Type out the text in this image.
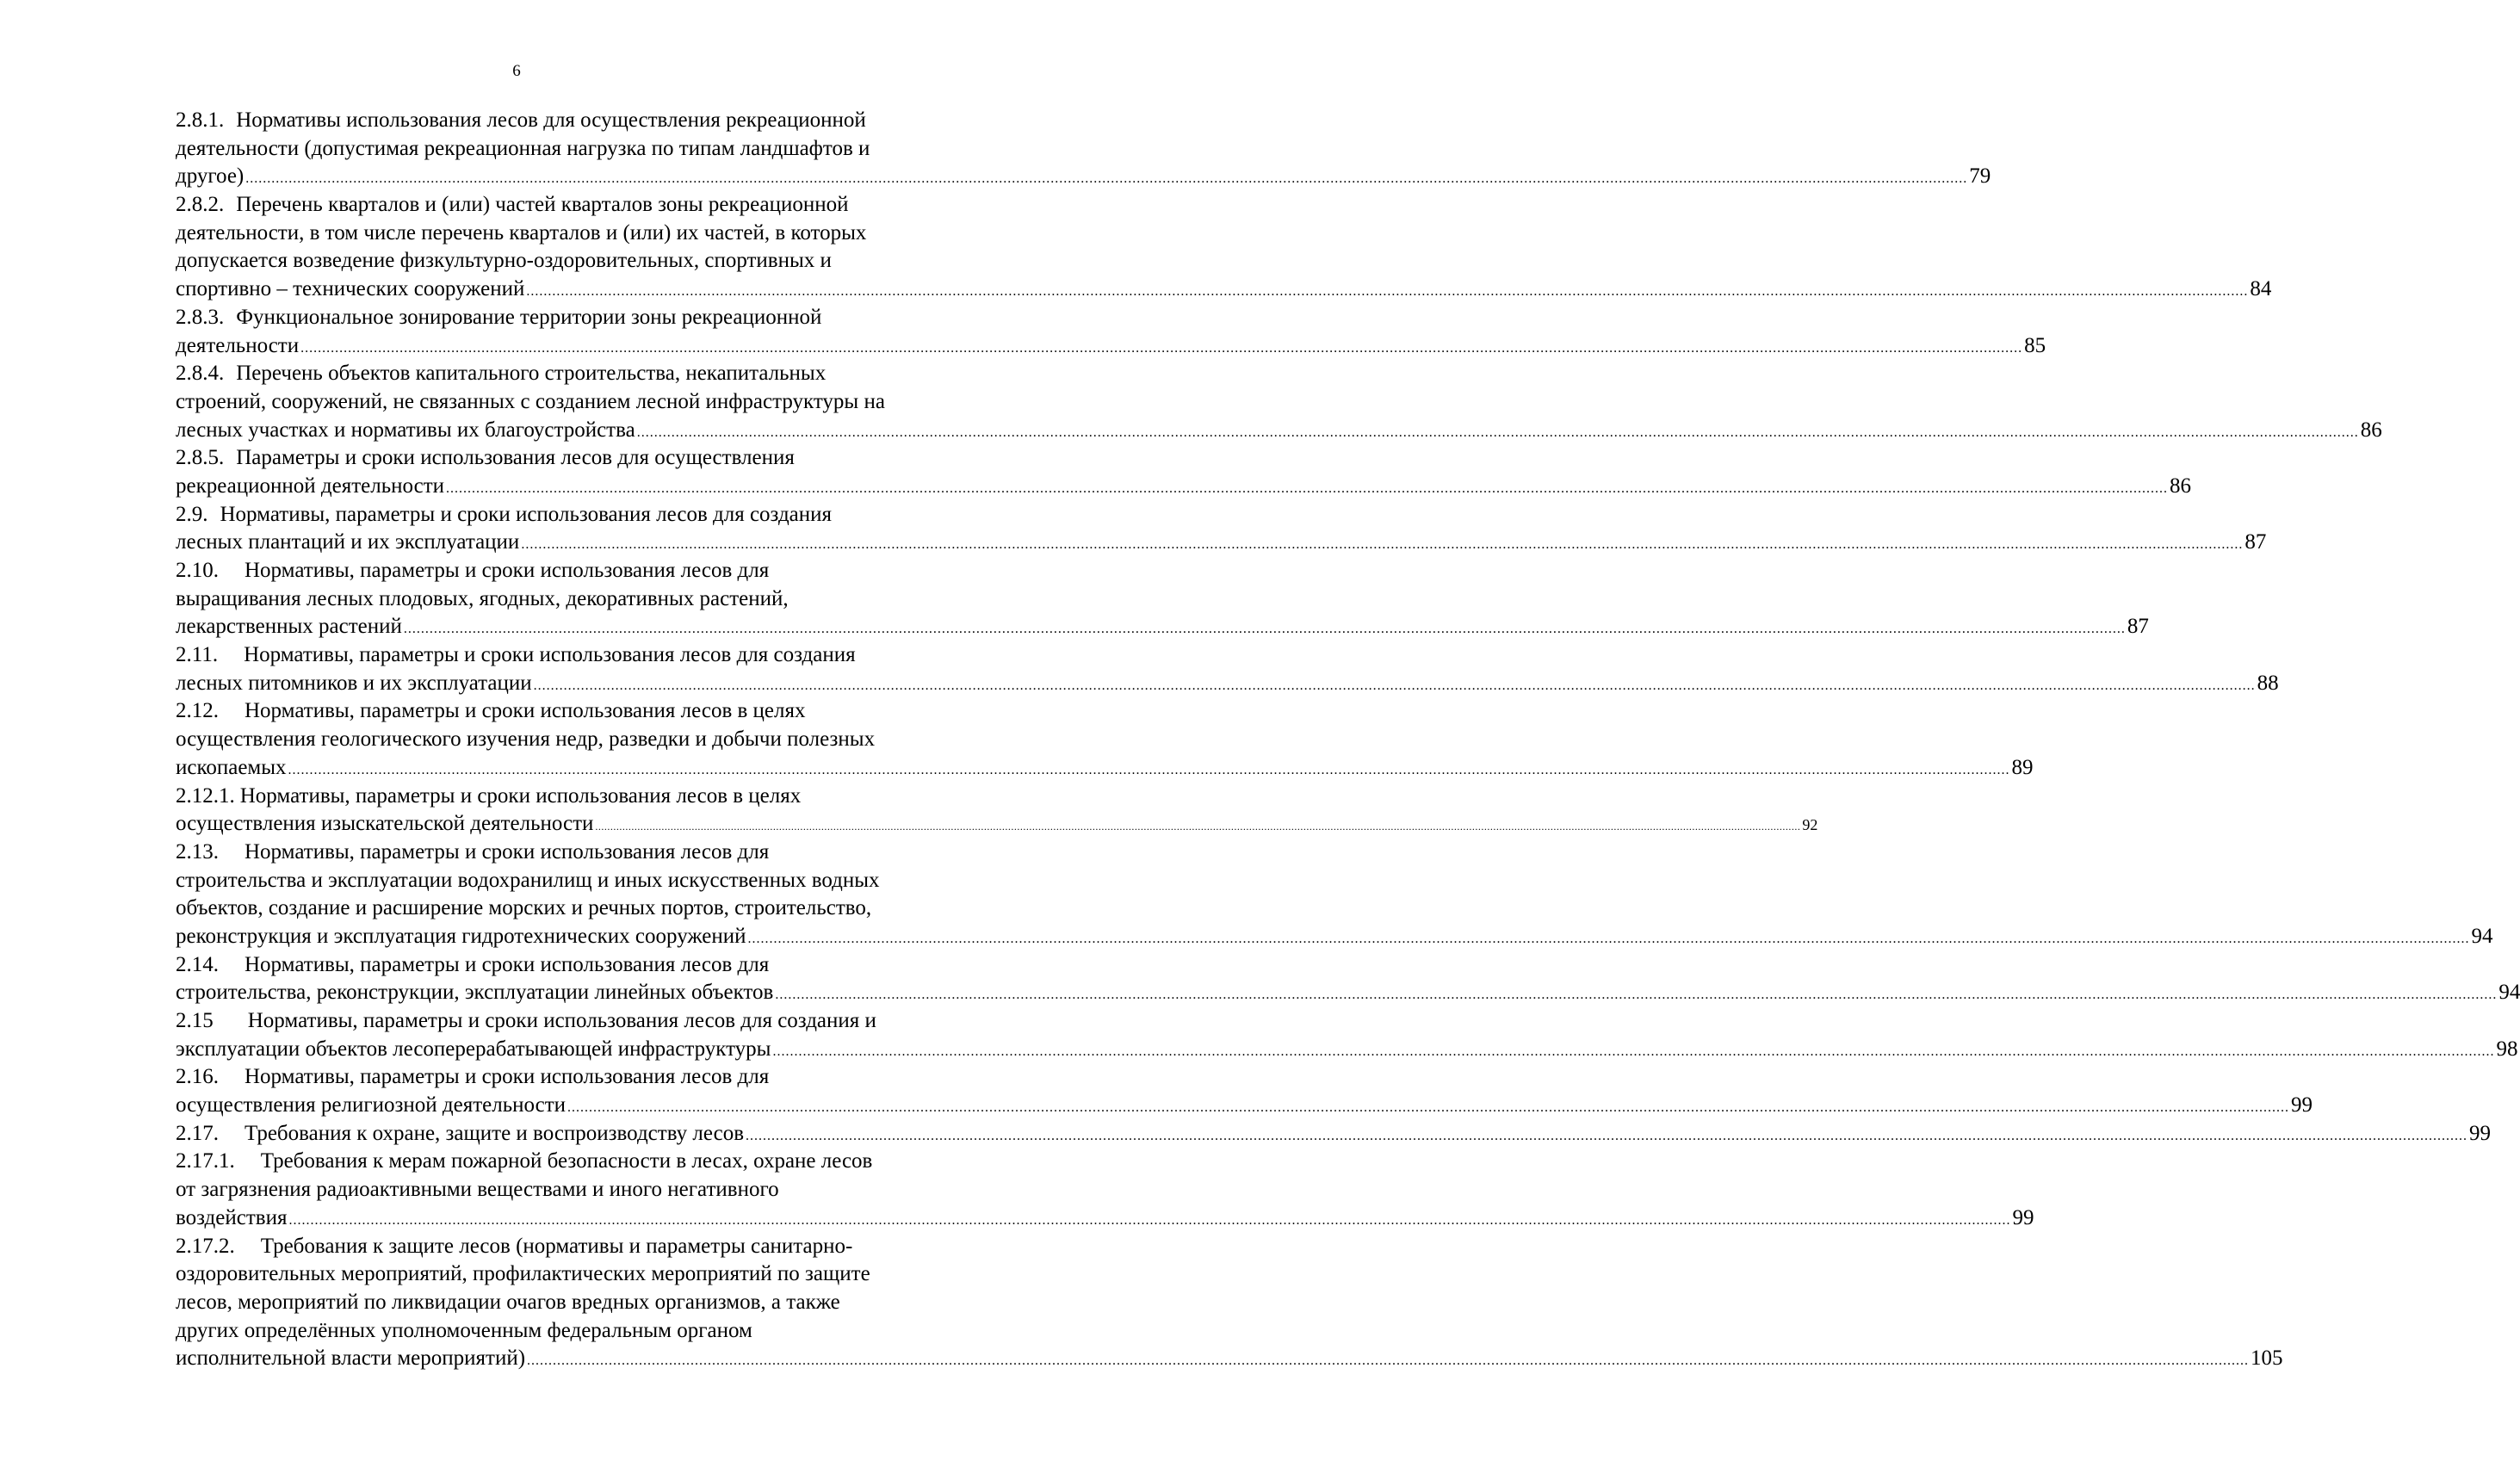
6
2.8.1. Нормативы использования лесов для осуществления рекреационной
деятельности (допустимая рекреационная нагрузка по типам ландшафтов и
другое) ................................................................................................................................................................................................................................................................................................................................................................................................................ 79
2.8.2. Перечень кварталов и (или) частей кварталов зоны рекреационной
деятельности, в том числе перечень кварталов и (или) их частей, в которых
допускается возведение физкультурно-оздоровительных, спортивных и
спортивно – технических сооружений ................................................................................................................................................................................................................................................................................................................................................................................................................ 84
2.8.3. Функциональное зонирование территории зоны рекреационной
деятельности ................................................................................................................................................................................................................................................................................................................................................................................................................ 85
2.8.4. Перечень объектов капитального строительства, некапитальных
строений, сооружений, не связанных с созданием лесной инфраструктуры на
лесных участках и нормативы их благоустройства ................................................................................................................................................................................................................................................................................................................................................................................................................ 86
2.8.5. Параметры и сроки использования лесов для осуществления
рекреационной деятельности ................................................................................................................................................................................................................................................................................................................................................................................................................ 86
2.9. Нормативы, параметры и сроки использования лесов для создания
лесных плантаций и их эксплуатации ................................................................................................................................................................................................................................................................................................................................................................................................................ 87
2.10. Нормативы, параметры и сроки использования лесов для
выращивания лесных плодовых, ягодных, декоративных растений,
лекарственных растений ................................................................................................................................................................................................................................................................................................................................................................................................................ 87
2.11. Нормативы, параметры и сроки использования лесов для создания
лесных питомников и их эксплуатации ................................................................................................................................................................................................................................................................................................................................................................................................................ 88
2.12. Нормативы, параметры и сроки использования лесов в целях
осуществления геологического изучения недр, разведки и добычи полезных
ископаемых ................................................................................................................................................................................................................................................................................................................................................................................................................ 89
2.12.1. Нормативы, параметры и сроки использования лесов в целях
осуществления изыскательской деятельности ................................................................................................................................................................................................................................................................................................................................................................................................................ 92
2.13. Нормативы, параметры и сроки использования лесов для
строительства и эксплуатации водохранилищ и иных искусственных водных
объектов, создание и расширение морских и речных портов, строительство,
реконструкция и эксплуатация гидротехнических сооружений ................................................................................................................................................................................................................................................................................................................................................................................................................ 94
2.14. Нормативы, параметры и сроки использования лесов для
строительства, реконструкции, эксплуатации линейных объектов ................................................................................................................................................................................................................................................................................................................................................................................................................ 94
2.15 Нормативы, параметры и сроки использования лесов для создания и
эксплуатации объектов лесоперерабатывающей инфраструктуры ................................................................................................................................................................................................................................................................................................................................................................................................................ 98
2.16. Нормативы, параметры и сроки использования лесов для
осуществления религиозной деятельности ................................................................................................................................................................................................................................................................................................................................................................................................................ 99
2.17. Требования к охране, защите и воспроизводству лесов ................................................................................................................................................................................................................................................................................................................................................................................................................ 99
2.17.1. Требования к мерам пожарной безопасности в лесах, охране лесов
от загрязнения радиоактивными веществами и иного негативного
воздействия ................................................................................................................................................................................................................................................................................................................................................................................................................ 99
2.17.2. Требования к защите лесов (нормативы и параметры санитарно-
оздоровительных мероприятий, профилактических мероприятий по защите
лесов, мероприятий по ликвидации очагов вредных организмов, а также
других определённых уполномоченным федеральным органом
исполнительной власти мероприятий) ................................................................................................................................................................................................................................................................................................................................................................................................................ 105
